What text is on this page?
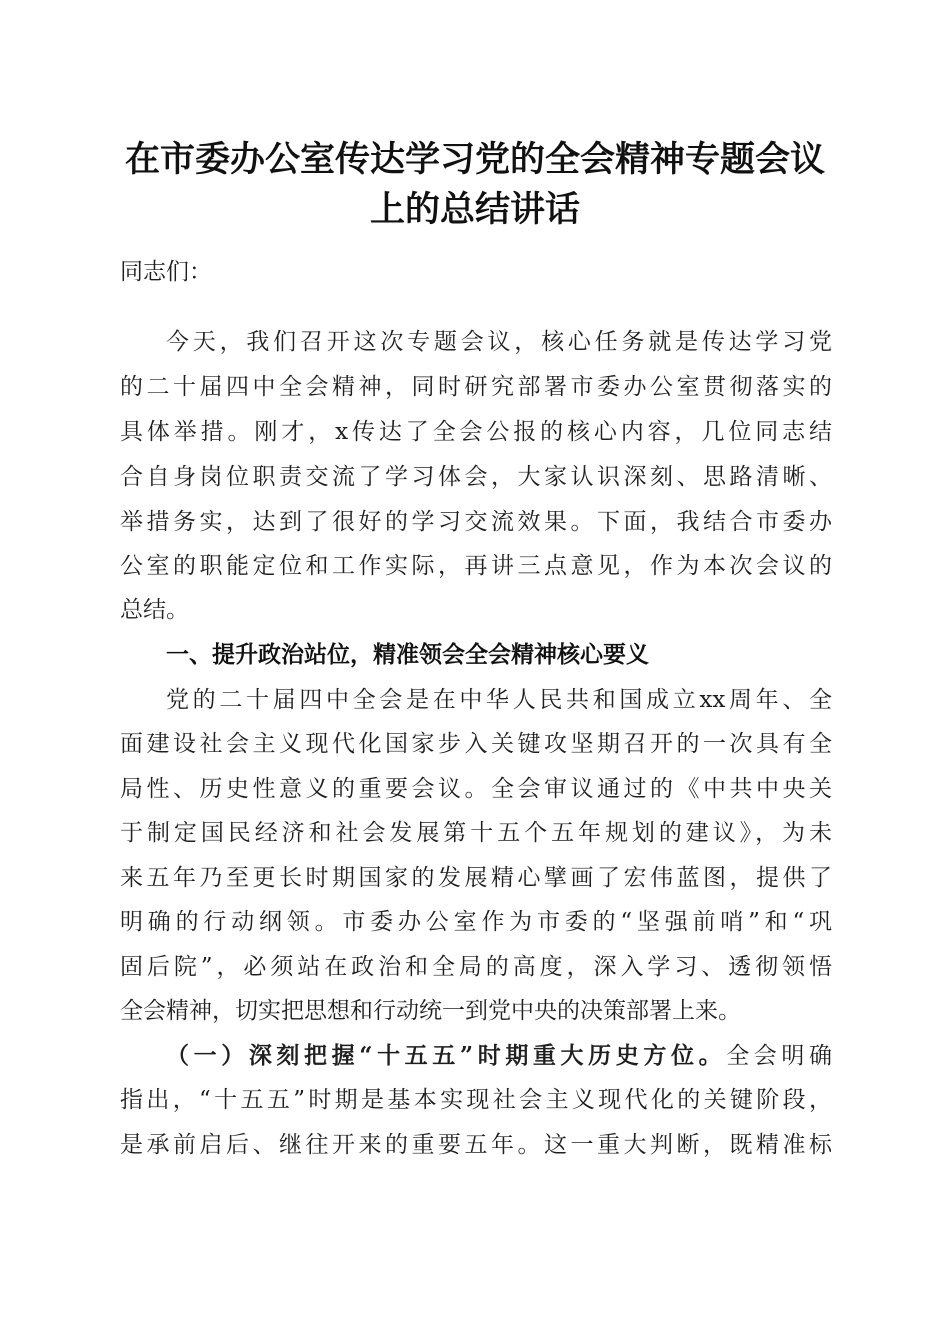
在市委办公室传达学习党的全会精神专题会议
上的总结讲话
同志们：
今天，我们召开这次专题会议，核心任务就是传达学习党
的二十届四中全会精神，同时研究部署市委办公室贯彻落实的
具体举措。刚才，x传达了全会公报的核心内容，几位同志结
合自身岗位职责交流了学习体会，大家认识深刻、思路清晰、
举措务实，达到了很好的学习交流效果。下面，我结合市委办
公室的职能定位和工作实际，再讲三点意见，作为本次会议的
总结。
一、提升政治站位，精准领会全会精神核心要义
党的二十届四中全会是在中华人民共和国成立xx周年、全
面建设社会主义现代化国家步入关键攻坚期召开的一次具有全
局性、历史性意义的重要会议。全会审议通过的《中共中央关
于制定国民经济和社会发展第十五个五年规划的建议》，为未
来五年乃至更长时期国家的发展精心擘画了宏伟蓝图，提供了
明确的行动纲领。市委办公室作为市委的“坚强前哨”和“巩
固后院”，必须站在政治和全局的高度，深入学习、透彻领悟
全会精神，切实把思想和行动统一到党中央的决策部署上来。
（一）深刻把握“十五五”时期重大历史方位。全会明确
指出，“十五五”时期是基本实现社会主义现代化的关键阶段，
是承前启后、继往开来的重要五年。这一重大判断，既精准标
